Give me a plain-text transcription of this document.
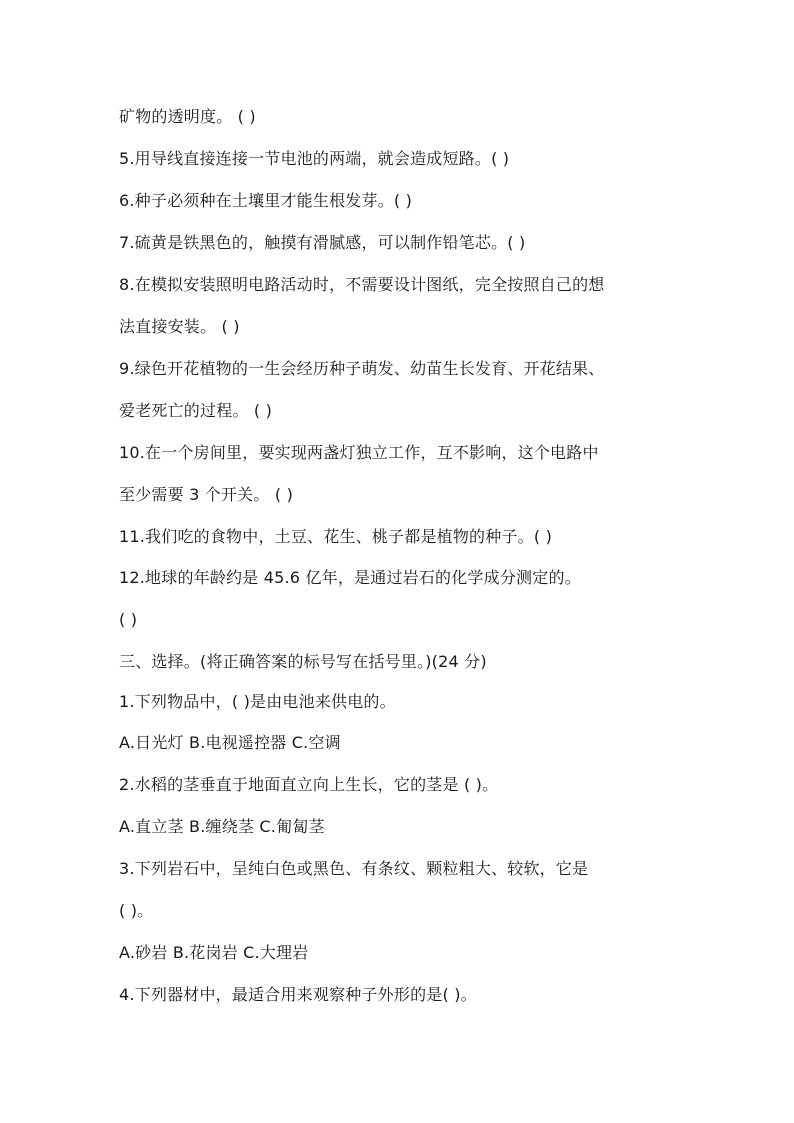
矿物的透明度。 ( )
5.用导线直接连接一节电池的两端，就会造成短路。( )
6.种子必须种在土壤里才能生根发芽。( )
7.硫黄是铁黑色的，触摸有滑腻感，可以制作铅笔芯。( )
8.在模拟安装照明电路活动时，不需要设计图纸，完全按照自己的想
法直接安装。 ( )
9.绿色开花植物的一生会经历种子萌发、幼苗生长发育、开花结果、
爱老死亡的过程。 ( )
10.在一个房间里，要实现两盏灯独立工作，互不影响，这个电路中
至少需要 3 个开关。 ( )
11.我们吃的食物中，土豆、花生、桃子都是植物的种子。( )
12.地球的年龄约是 45.6 亿年，是通过岩石的化学成分测定的。
( )
三、选择。(将正确答案的标号写在括号里。)(24 分)
1.下列物品中，( )是由电池来供电的。
A.日光灯 B.电视遥控器 C.空调
2.水稻的茎垂直于地面直立向上生长，它的茎是 ( )。
A.直立茎 B.缠绕茎 C.匍匐茎
3.下列岩石中，呈纯白色或黑色、有条纹、颗粒粗大、较软，它是
( )。
A.砂岩 B.花岗岩 C.大理岩
4.下列器材中，最适合用来观察种子外形的是( )。
